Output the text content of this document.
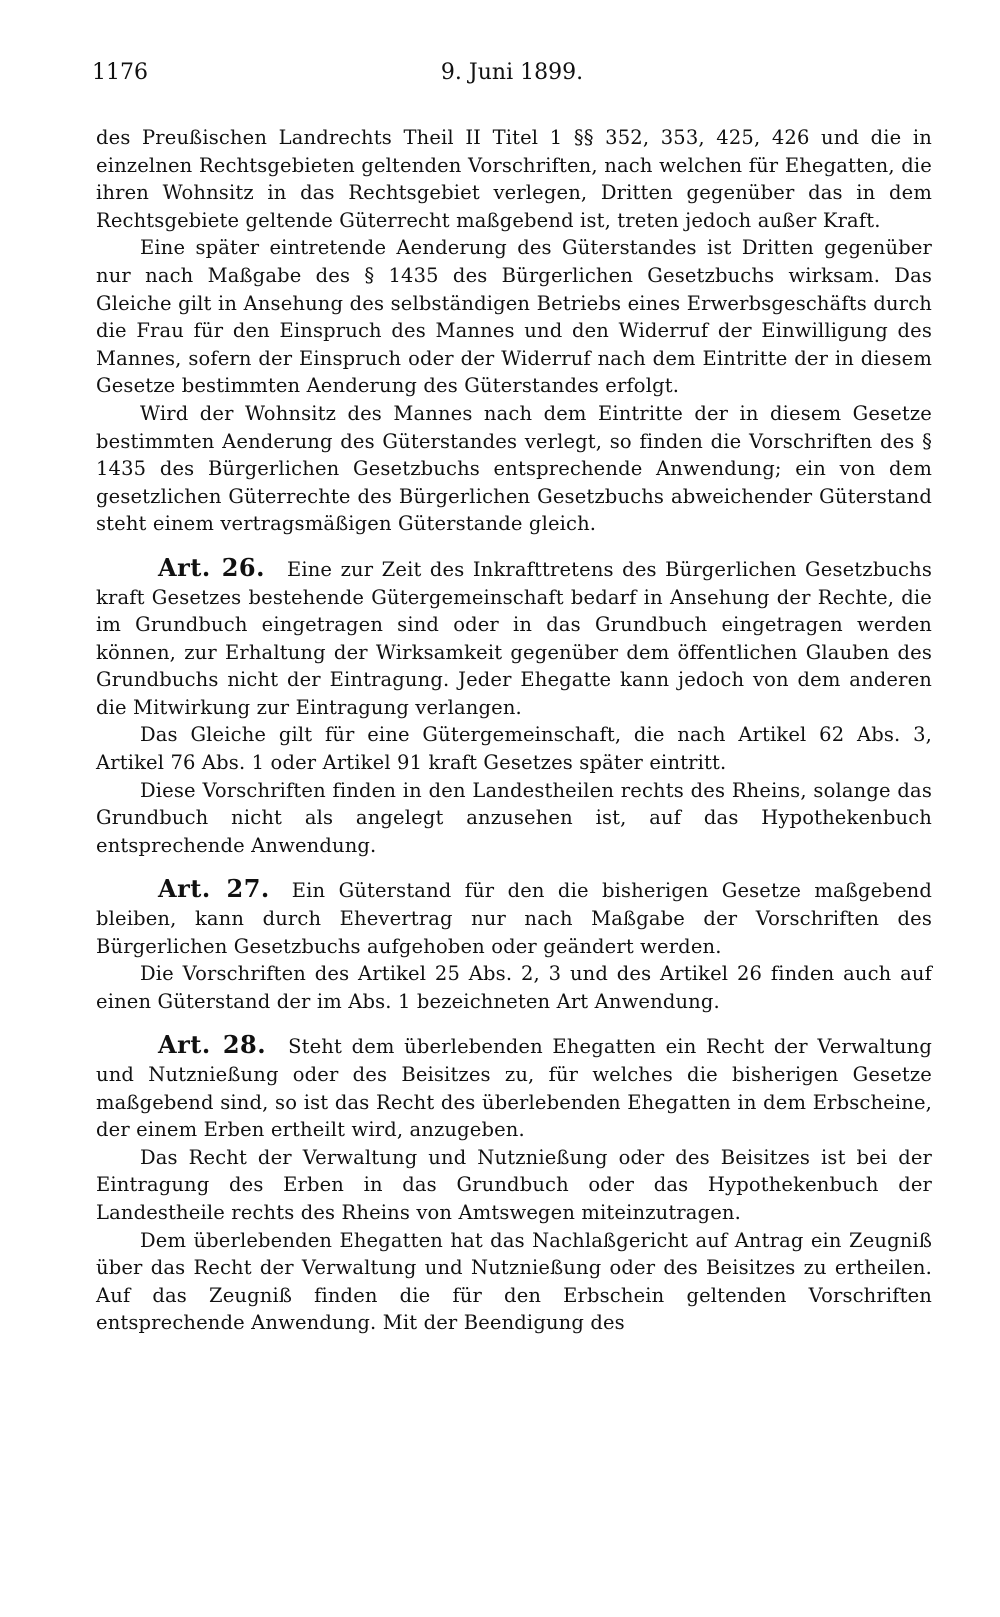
9. Juni 1899.
1176

des Preußischen Landrechts Theil II Titel 1 §§ 352, 353, 425, 426 und die in einzelnen Rechtsgebieten geltenden Vorschriften, nach welchen für Ehegatten, die ihren Wohnsitz in das Rechtsgebiet verlegen, Dritten gegenüber das in dem Rechtsgebiete geltende Güterrecht maßgebend ist, treten jedoch außer Kraft.

Eine später eintretende Aenderung des Güterstandes ist Dritten gegenüber nur nach Maßgabe des § 1435 des Bürgerlichen Gesetzbuchs wirksam. Das Gleiche gilt in Ansehung des selbständigen Betriebs eines Erwerbsgeschäfts durch die Frau für den Einspruch des Mannes und den Widerruf der Einwilligung des Mannes, sofern der Einspruch oder der Widerruf nach dem Eintritte der in diesem Gesetze bestimmten Aenderung des Güterstandes erfolgt.

Wird der Wohnsitz des Mannes nach dem Eintritte der in diesem Gesetze bestimmten Aenderung des Güterstandes verlegt, so finden die Vorschriften des § 1435 des Bürgerlichen Gesetzbuchs entsprechende Anwendung; ein von dem gesetzlichen Güterrechte des Bürgerlichen Gesetzbuchs abweichender Güterstand steht einem vertragsmäßigen Güterstande gleich.

Art. 26. Eine zur Zeit des Inkrafttretens des Bürgerlichen Gesetzbuchs kraft Gesetzes bestehende Gütergemeinschaft bedarf in Ansehung der Rechte, die im Grundbuch eingetragen sind oder in das Grundbuch eingetragen werden können, zur Erhaltung der Wirksamkeit gegenüber dem öffentlichen Glauben des Grundbuchs nicht der Eintragung. Jeder Ehegatte kann jedoch von dem anderen die Mitwirkung zur Eintragung verlangen.

Das Gleiche gilt für eine Gütergemeinschaft, die nach Artikel 62 Abs. 3, Artikel 76 Abs. 1 oder Artikel 91 kraft Gesetzes später eintritt.

Diese Vorschriften finden in den Landestheilen rechts des Rheins, solange das Grundbuch nicht als angelegt anzusehen ist, auf das Hypothekenbuch entsprechende Anwendung.

Art. 27. Ein Güterstand für den die bisherigen Gesetze maßgebend bleiben, kann durch Ehevertrag nur nach Maßgabe der Vorschriften des Bürgerlichen Gesetzbuchs aufgehoben oder geändert werden.

Die Vorschriften des Artikel 25 Abs. 2, 3 und des Artikel 26 finden auch auf einen Güterstand der im Abs. 1 bezeichneten Art Anwendung.

Art. 28. Steht dem überlebenden Ehegatten ein Recht der Verwaltung und Nutznießung oder des Beisitzes zu, für welches die bisherigen Gesetze maßgebend sind, so ist das Recht des überlebenden Ehegatten in dem Erbscheine, der einem Erben ertheilt wird, anzugeben.

Das Recht der Verwaltung und Nutznießung oder des Beisitzes ist bei der Eintragung des Erben in das Grundbuch oder das Hypothekenbuch der Landestheile rechts des Rheins von Amtswegen miteinzutragen.

Dem überlebenden Ehegatten hat das Nachlaßgericht auf Antrag ein Zeugniß über das Recht der Verwaltung und Nutznießung oder des Beisitzes zu ertheilen. Auf das Zeugniß finden die für den Erbschein geltenden Vorschriften entsprechende Anwendung. Mit der Beendigung des
